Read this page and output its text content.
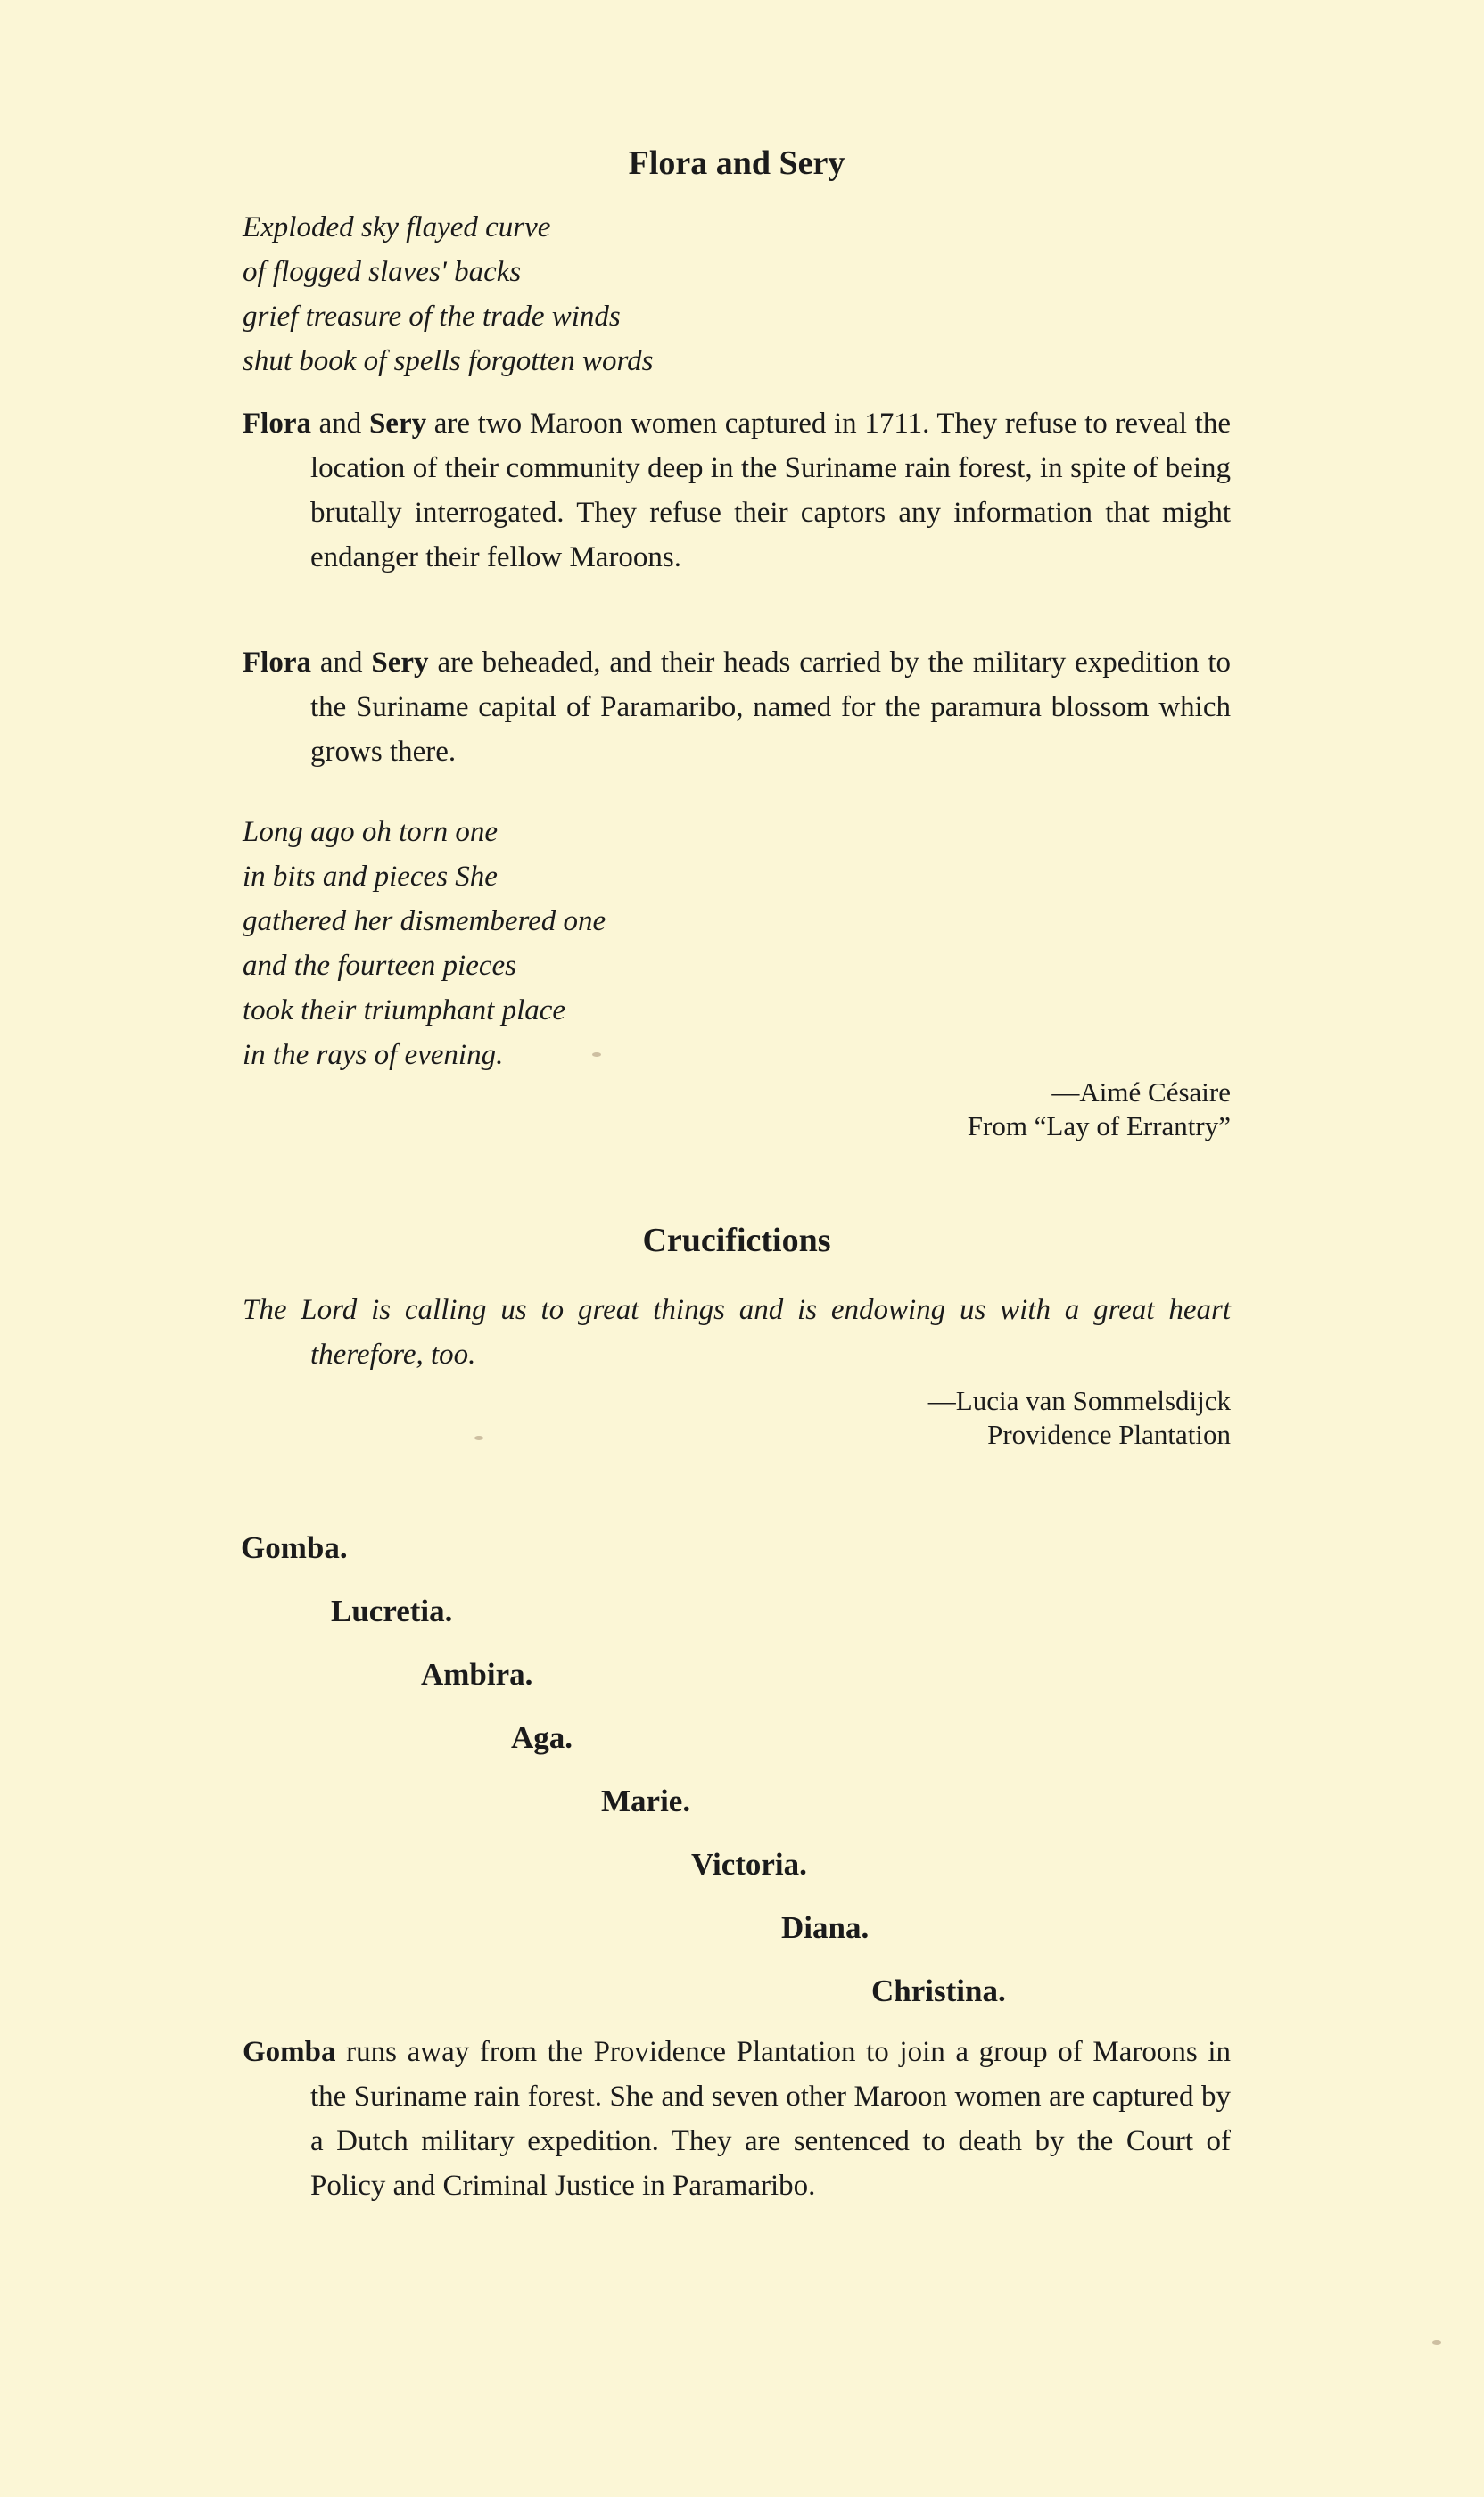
Flora and Sery
Exploded sky flayed curve
of flogged slaves' backs
grief treasure of the trade winds
shut book of spells forgotten words

Flora and Sery are two Maroon women captured in 1711. They refuse to reveal the location of their community deep in the Suriname rain forest, in spite of being brutally interrogated. They refuse their captors any information that might endanger their fellow Maroons.

Flora and Sery are beheaded, and their heads carried by the military expedition to the Suriname capital of Paramaribo, named for the paramura blossom which grows there.

Long ago oh torn one
in bits and pieces She
gathered her dismembered one
and the fourteen pieces
took their triumphant place
in the rays of evening.
—Aimé Césaire
From “Lay of Errantry”
Crucifictions
The Lord is calling us to great things and is endowing us with a great heart therefore, too.
—Lucia van Sommelsdijck
Providence Plantation
Gomba.
Lucretia.
Ambira.
Aga.
Marie.
Victoria.
Diana.
Christina.

Gomba runs away from the Providence Plantation to join a group of Maroons in the Suriname rain forest. She and seven other Maroon women are captured by a Dutch military expedition. They are sentenced to death by the Court of Policy and Criminal Justice in Paramaribo.
